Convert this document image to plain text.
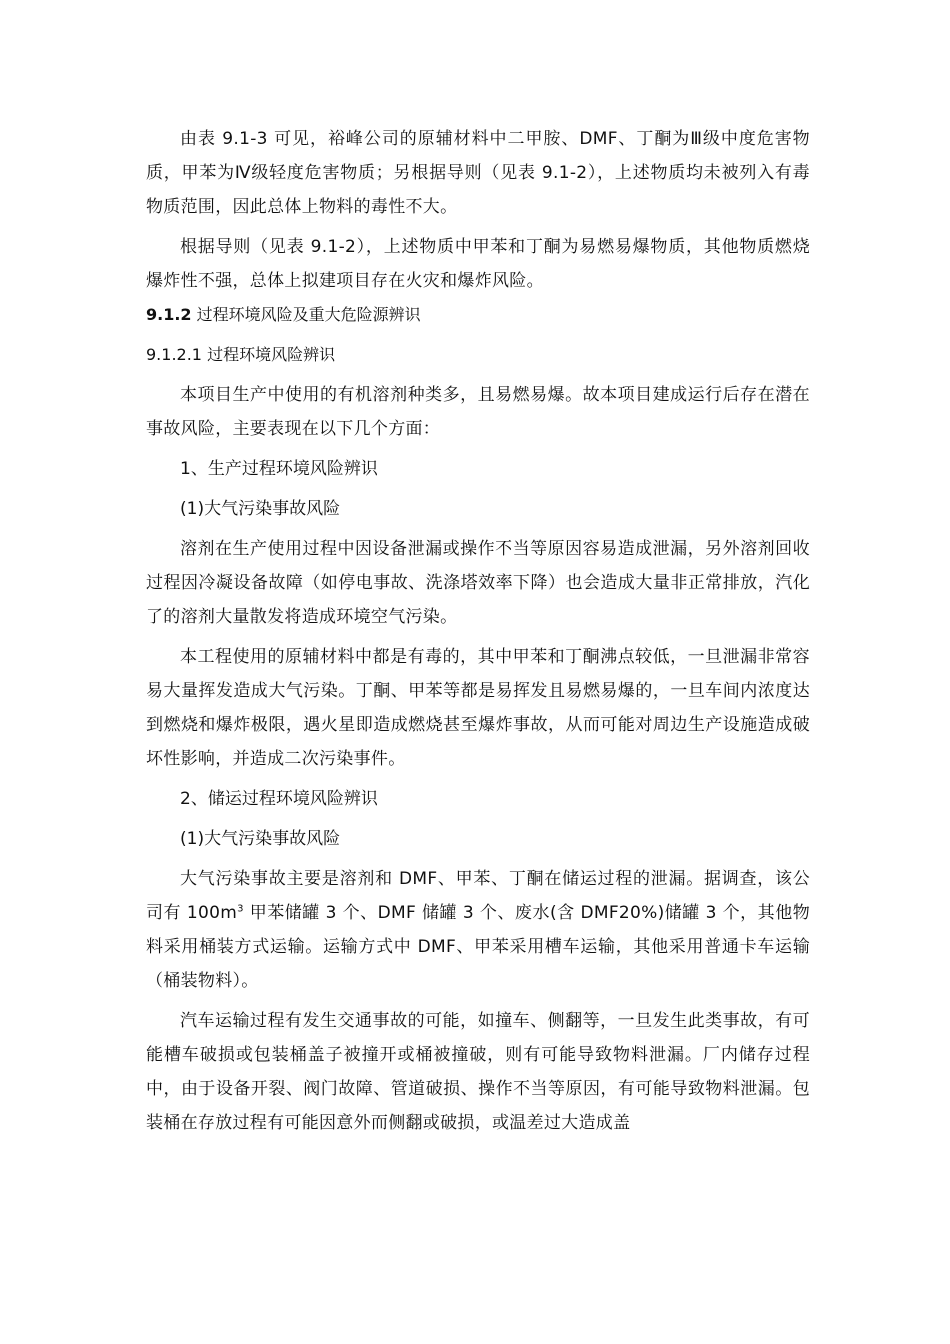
由表 9.1-3 可见，裕峰公司的原辅材料中二甲胺、DMF、丁酮为Ⅲ级中度危害物质，甲苯为Ⅳ级轻度危害物质；另根据导则（见表 9.1-2），上述物质均未被列入有毒物质范围，因此总体上物料的毒性不大。

根据导则（见表 9.1-2），上述物质中甲苯和丁酮为易燃易爆物质，其他物质燃烧爆炸性不强，总体上拟建项目存在火灾和爆炸风险。

9.1.2 过程环境风险及重大危险源辨识

9.1.2.1 过程环境风险辨识

本项目生产中使用的有机溶剂种类多，且易燃易爆。故本项目建成运行后存在潜在事故风险，主要表现在以下几个方面：

1、生产过程环境风险辨识

(1)大气污染事故风险

溶剂在生产使用过程中因设备泄漏或操作不当等原因容易造成泄漏，另外溶剂回收过程因冷凝设备故障（如停电事故、洗涤塔效率下降）也会造成大量非正常排放，汽化了的溶剂大量散发将造成环境空气污染。

本工程使用的原辅材料中都是有毒的，其中甲苯和丁酮沸点较低，一旦泄漏非常容易大量挥发造成大气污染。丁酮、甲苯等都是易挥发且易燃易爆的，一旦车间内浓度达到燃烧和爆炸极限，遇火星即造成燃烧甚至爆炸事故，从而可能对周边生产设施造成破坏性影响，并造成二次污染事件。

2、储运过程环境风险辨识

(1)大气污染事故风险

大气污染事故主要是溶剂和 DMF、甲苯、丁酮在储运过程的泄漏。据调查，该公司有 $100m^3$ 甲苯储罐 3 个、DMF 储罐 3 个、废水(含 DMF20%)储罐 3 个，其他物料采用桶装方式运输。运输方式中 DMF、甲苯采用槽车运输，其他采用普通卡车运输（桶装物料）。

汽车运输过程有发生交通事故的可能，如撞车、侧翻等，一旦发生此类事故，有可能槽车破损或包装桶盖子被撞开或桶被撞破，则有可能导致物料泄漏。厂内储存过程中，由于设备开裂、阀门故障、管道破损、操作不当等原因，有可能导致物料泄漏。包装桶在存放过程有可能因意外而侧翻或破损，或温差过大造成盖
